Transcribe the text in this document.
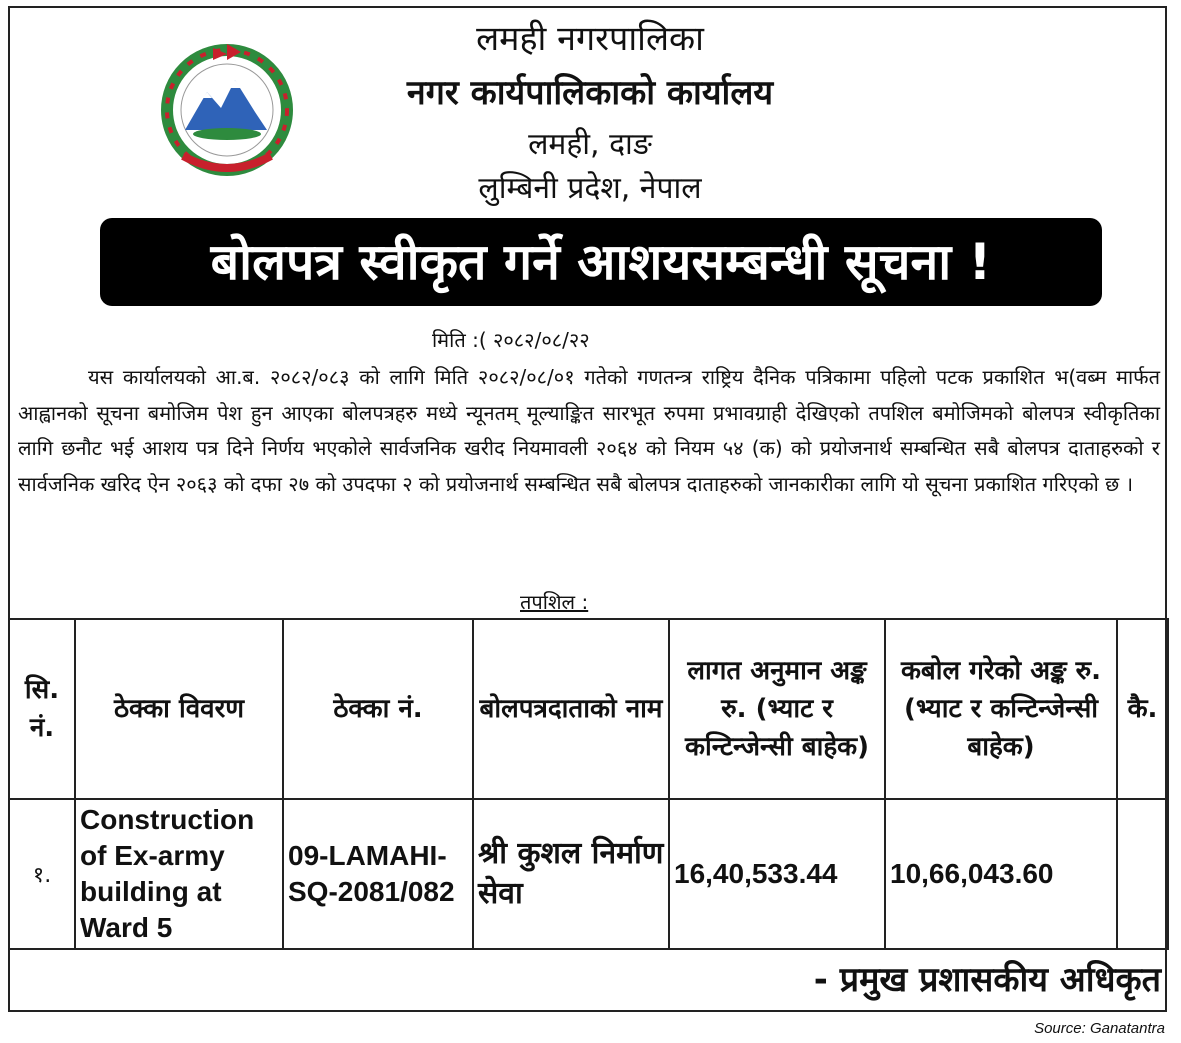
लमही नगरपालिका
नगर कार्यपालिकाको कार्यालय
लमही, दाङ
लुम्बिनी प्रदेश, नेपाल
बोलपत्र स्वीकृत गर्ने आशयसम्बन्धी सूचना !
मिति :( २०८२/०८/२२

यस कार्यालयको आ.ब. २०८२/०८३ को लागि मिति २०८२/०८/०१ गतेको गणतन्त्र राष्ट्रिय दैनिक पत्रिकामा पहिलो पटक प्रकाशित भ(वब्म मार्फत आह्वानको सूचना बमोजिम पेश हुन आएका बोलपत्रहरु मध्ये न्यूनतम् मूल्याङ्कित सारभूत रुपमा प्रभावग्राही देखिएको तपशिल बमोजिमको बोलपत्र स्वीकृतिका लागि छनौट भई आशय पत्र दिने निर्णय भएकोले सार्वजनिक खरीद नियमावली २०६४ को नियम ५४ (क) को प्रयोजनार्थ सम्बन्धित सबै बोलपत्र दाताहरुको र सार्वजनिक खरिद ऐन २०६३ को दफा २७ को उपदफा २ को प्रयोजनार्थ सम्बन्धित सबै बोलपत्र दाताहरुको जानकारीका लागि यो सूचना प्रकाशित गरिएको छ ।

तपशिल :
सि. नं.	ठेक्का विवरण	ठेक्का नं.	बोलपत्रदाताको नाम	लागत अनुमान अङ्क रु. (भ्याट र कन्टिन्जेन्सी बाहेक)	कबोल गरेको अङ्क रु. (भ्याट र कन्टिन्जेन्सी बाहेक)	कै.
१.	Construction of Ex-army building at Ward 5	09-LAMAHI-SQ-2081/082	श्री कुशल निर्माण सेवा	16,40,533.44	10,66,043.60	
- प्रमुख प्रशासकीय अधिकृत
Source: Ganatantra
